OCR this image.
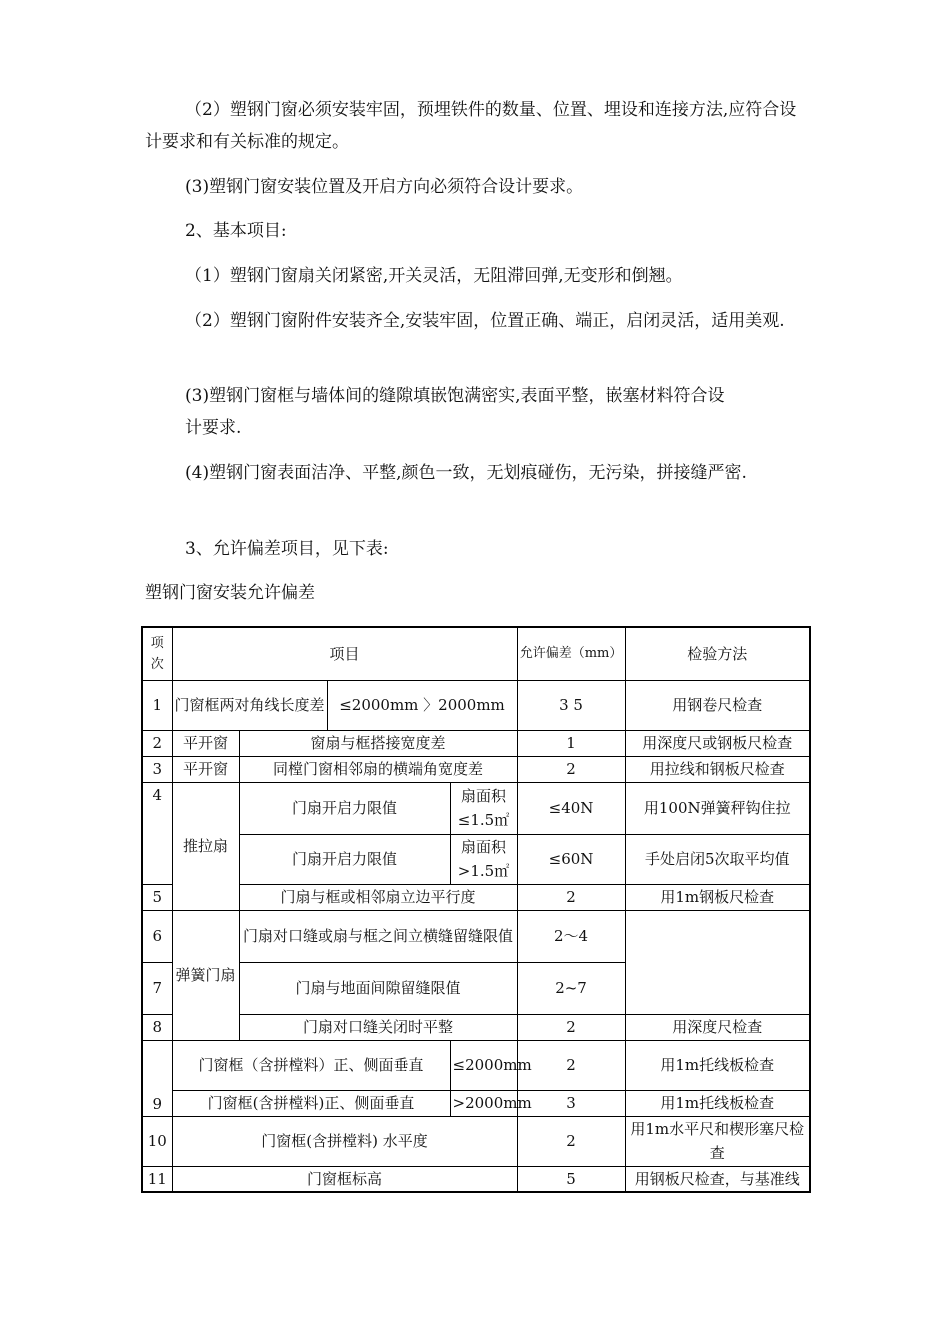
（2）塑钢门窗必须安装牢固，预埋铁件的数量、位置、埋设和连接方法,应符合设计要求和有关标准的规定。

(3)塑钢门窗安装位置及开启方向必须符合设计要求。

2、基本项目:

（1）塑钢门窗扇关闭紧密,开关灵活，无阻滞回弹,无变形和倒翘。

（2）塑钢门窗附件安装齐全,安装牢固，位置正确、端正，启闭灵活，适用美观.

(3)塑钢门窗框与墙体间的缝隙填嵌饱满密实,表面平整，嵌塞材料符合设

计要求.

(4)塑钢门窗表面洁净、平整,颜色一致，无划痕碰伤，无污染，拼接缝严密.

3、允许偏差项目，见下表:

塑钢门窗安装允许偏差

项次	项目				允许偏差（mm）	检验方法
1	门窗框两对角线长度差		≤2000mm 〉2000mm		3 5	用钢卷尺检查
2	平开窗	窗扇与框搭接宽度差			1	用深度尺或钢板尺检查
3	平开窗	同樘门窗相邻扇的横端角宽度差			2	用拉线和钢板尺检查
4	推拉扇	门扇开启力限值		扇面积≤1.5㎡	≤40N	用100N弹簧秤钩住拉
		门扇开启力限值		扇面积>1.5㎡	≤60N	手处启闭5次取平均值
5		门扇与框或相邻扇立边平行度			2	用1m钢板尺检查
6	弹簧门扇	门扇对口缝或扇与框之间立横缝留缝限值			2～4	
7		门扇与地面间隙留缝限值			2~7	
8		门扇对口缝关闭时平整			2	用深度尺检查
9	门窗框（含拼樘料）正、侧面垂直			≤2000mm	2	用1m托线板检查
	门窗框(含拼樘料)正、侧面垂直			>2000mm	3	用1m托线板检查
10	门窗框(含拼樘料) 水平度				2	用1m水平尺和楔形塞尺检查
11	门窗框标高				5	用钢板尺检查，与基准线
